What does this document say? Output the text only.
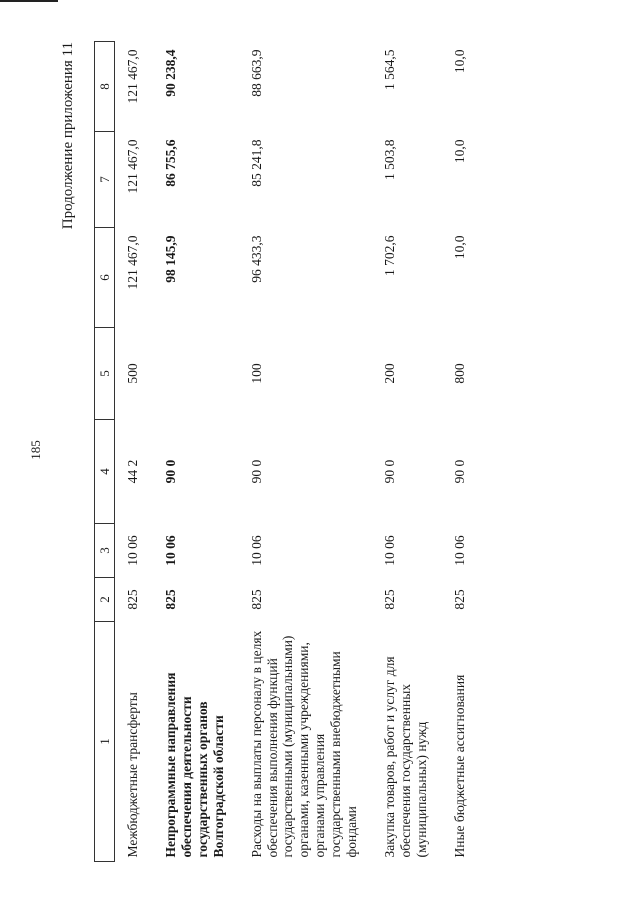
185
Продолжение приложения 11
1	2	3	4	5	6	7	8
Межбюджетные трансферты	825	10 06	44 2	500	121 467,0	121 467,0	121 467,0
Непрограммные направления обеспечения деятельности государственных органов Волгоградской области	825	10 06	90 0		98 145,9	86 755,6	90 238,4
Расходы на выплаты персоналу в целях обеспечения выполнения функций государственными (муниципальными) органами, казенными учреждениями, органами управления государственными внебюджетными фондами	825	10 06	90 0	100	96 433,3	85 241,8	88 663,9
Закупка товаров, работ и услуг для обеспечения государственных (муниципальных) нужд	825	10 06	90 0	200	1 702,6	1 503,8	1 564,5
Иные бюджетные ассигнования	825	10 06	90 0	800	10,0	10,0	10,0
